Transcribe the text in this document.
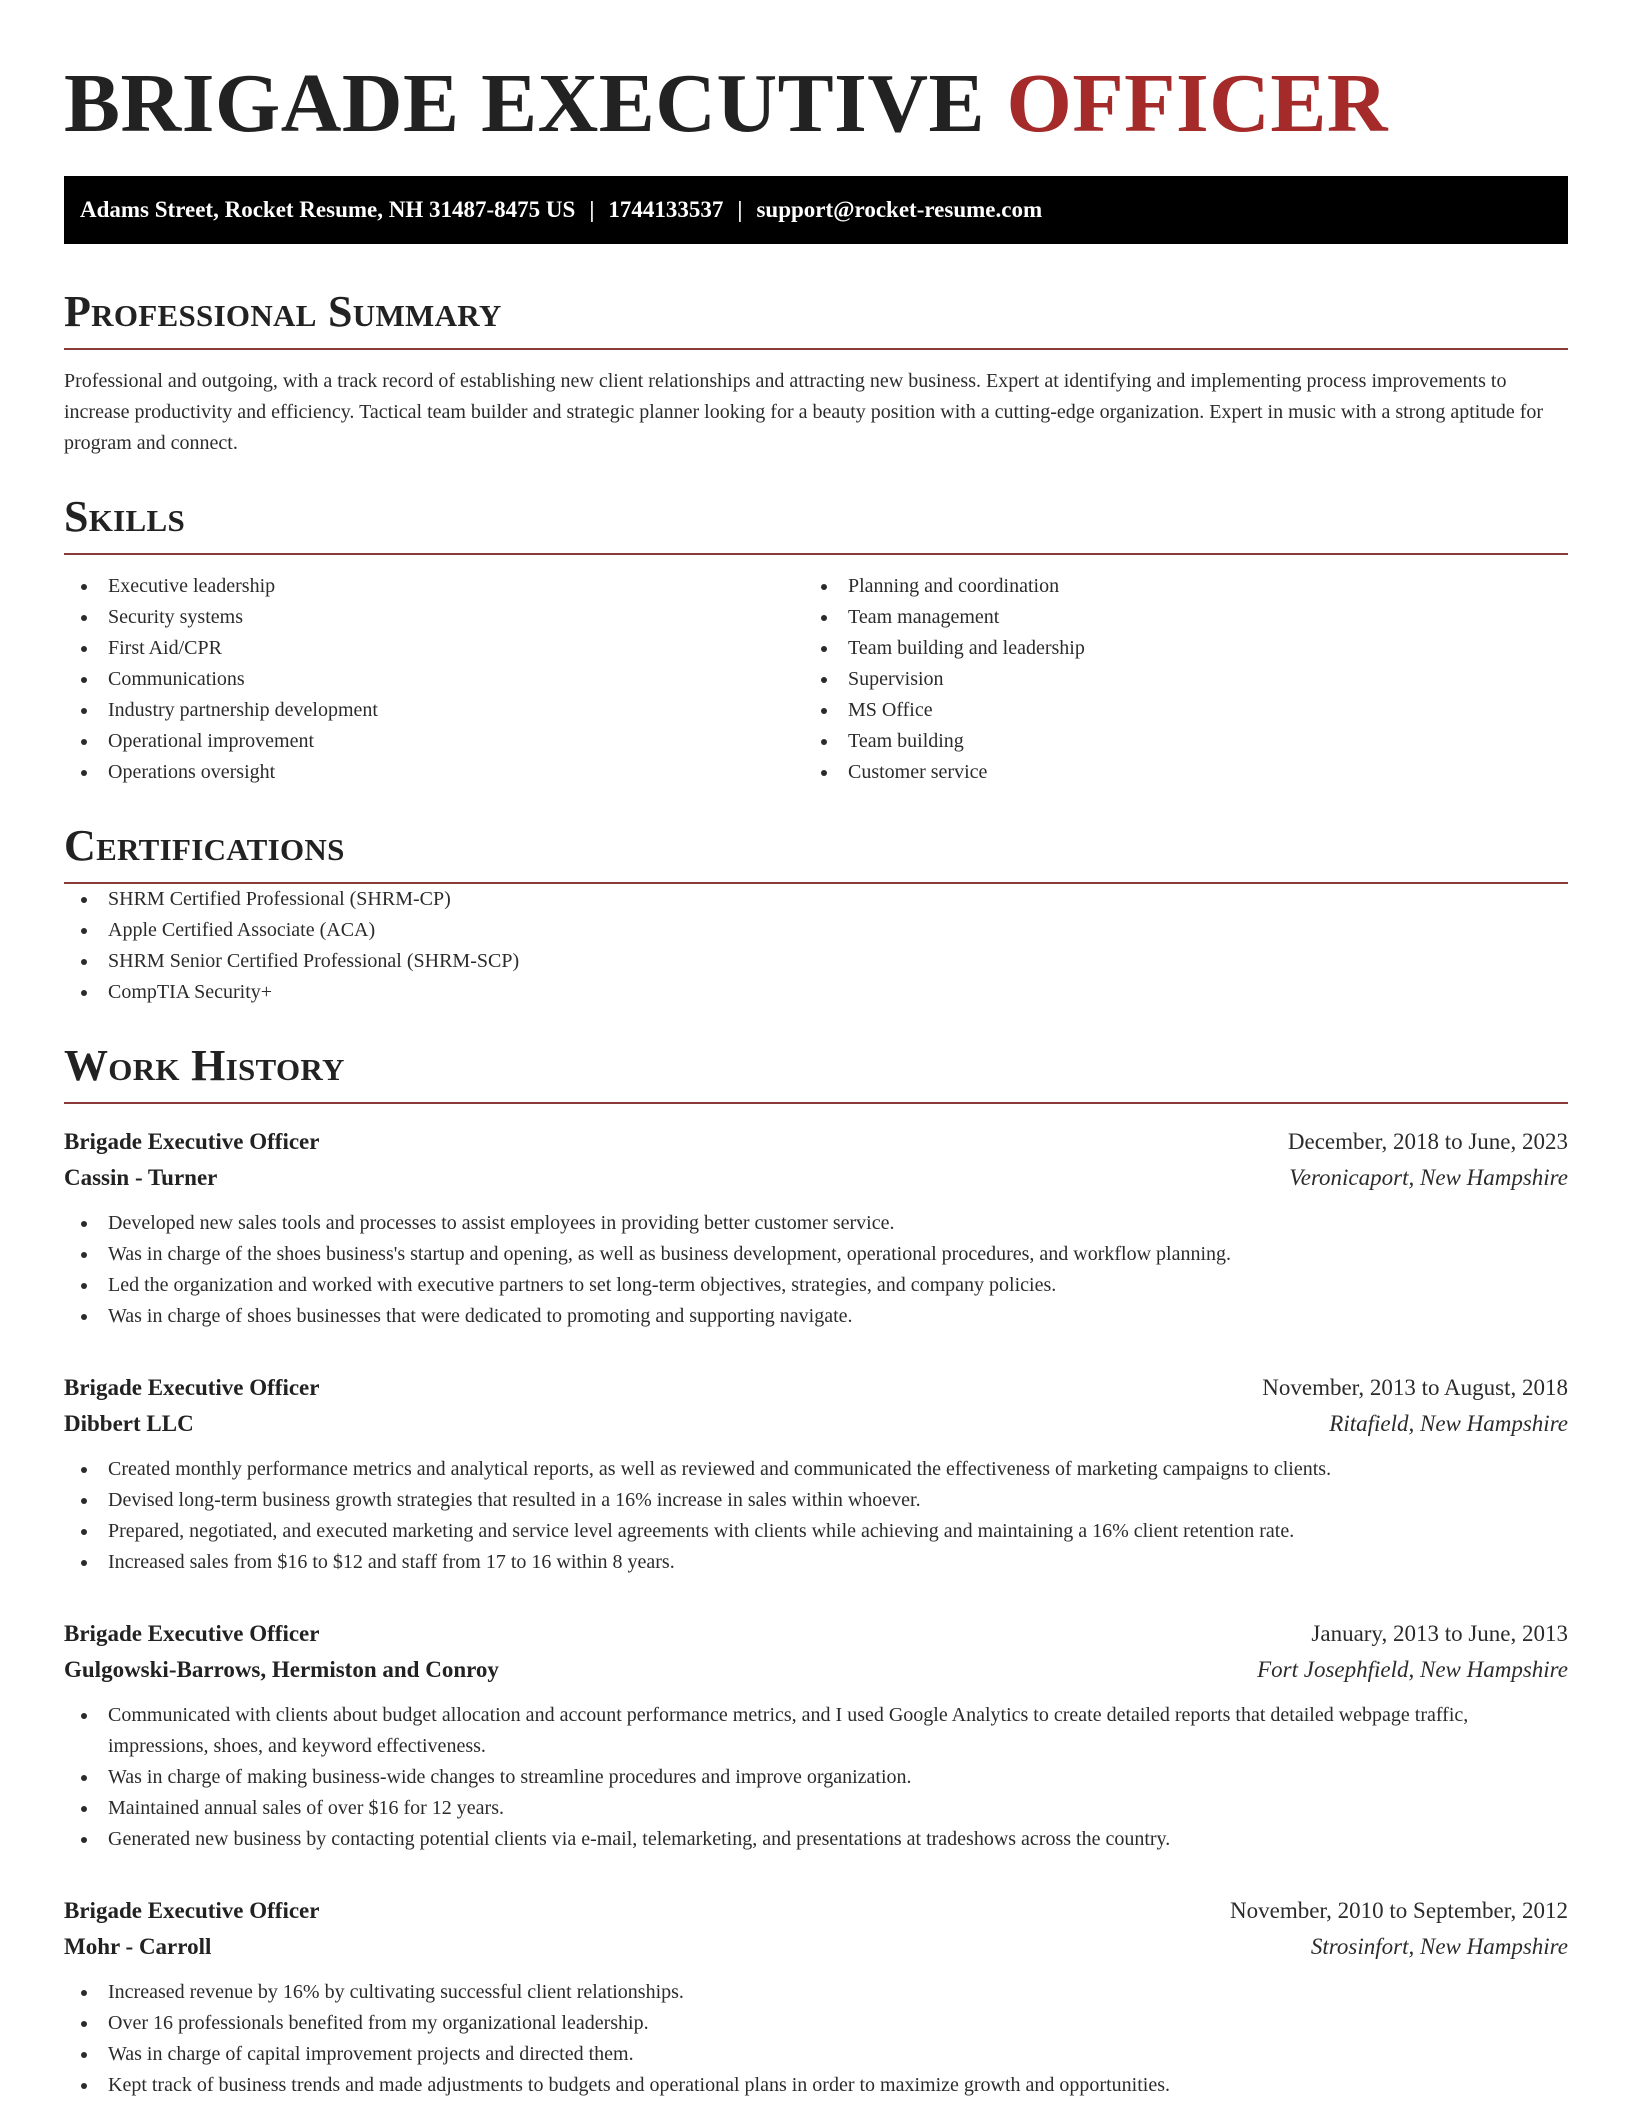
BRIGADE EXECUTIVE OFFICER
Adams Street, Rocket Resume, NH 31487-8475 US | 1744133537 | support@rocket-resume.com
Professional Summary

Professional and outgoing, with a track record of establishing new client relationships and attracting new business. Expert at identifying and implementing process improvements to increase productivity and efficiency. Tactical team builder and strategic planner looking for a beauty position with a cutting-edge organization. Expert in music with a strong aptitude for program and connect.

Skills
Executive leadership
Security systems
First Aid/CPR
Communications
Industry partnership development
Operational improvement
Operations oversight
Planning and coordination
Team management
Team building and leadership
Supervision
MS Office
Team building
Customer service
Certifications
SHRM Certified Professional (SHRM-CP)
Apple Certified Associate (ACA)
SHRM Senior Certified Professional (SHRM-SCP)
CompTIA Security+
Work History
Brigade Executive Officer	December, 2018 to June, 2023
Cassin - Turner	Veronicaport, New Hampshire
Developed new sales tools and processes to assist employees in providing better customer service.
Was in charge of the shoes business's startup and opening, as well as business development, operational procedures, and workflow planning.
Led the organization and worked with executive partners to set long-term objectives, strategies, and company policies.
Was in charge of shoes businesses that were dedicated to promoting and supporting navigate.
Brigade Executive Officer	November, 2013 to August, 2018
Dibbert LLC	Ritafield, New Hampshire
Created monthly performance metrics and analytical reports, as well as reviewed and communicated the effectiveness of marketing campaigns to clients.
Devised long-term business growth strategies that resulted in a 16% increase in sales within whoever.
Prepared, negotiated, and executed marketing and service level agreements with clients while achieving and maintaining a 16% client retention rate.
Increased sales from $16 to $12 and staff from 17 to 16 within 8 years.
Brigade Executive Officer	January, 2013 to June, 2013
Gulgowski-Barrows, Hermiston and Conroy	Fort Josephfield, New Hampshire
Communicated with clients about budget allocation and account performance metrics, and I used Google Analytics to create detailed reports that detailed webpage traffic, impressions, shoes, and keyword effectiveness.
Was in charge of making business-wide changes to streamline procedures and improve organization.
Maintained annual sales of over $16 for 12 years.
Generated new business by contacting potential clients via e-mail, telemarketing, and presentations at tradeshows across the country.
Brigade Executive Officer	November, 2010 to September, 2012
Mohr - Carroll	Strosinfort, New Hampshire
Increased revenue by 16% by cultivating successful client relationships.
Over 16 professionals benefited from my organizational leadership.
Was in charge of capital improvement projects and directed them.
Kept track of business trends and made adjustments to budgets and operational plans in order to maximize growth and opportunities.
